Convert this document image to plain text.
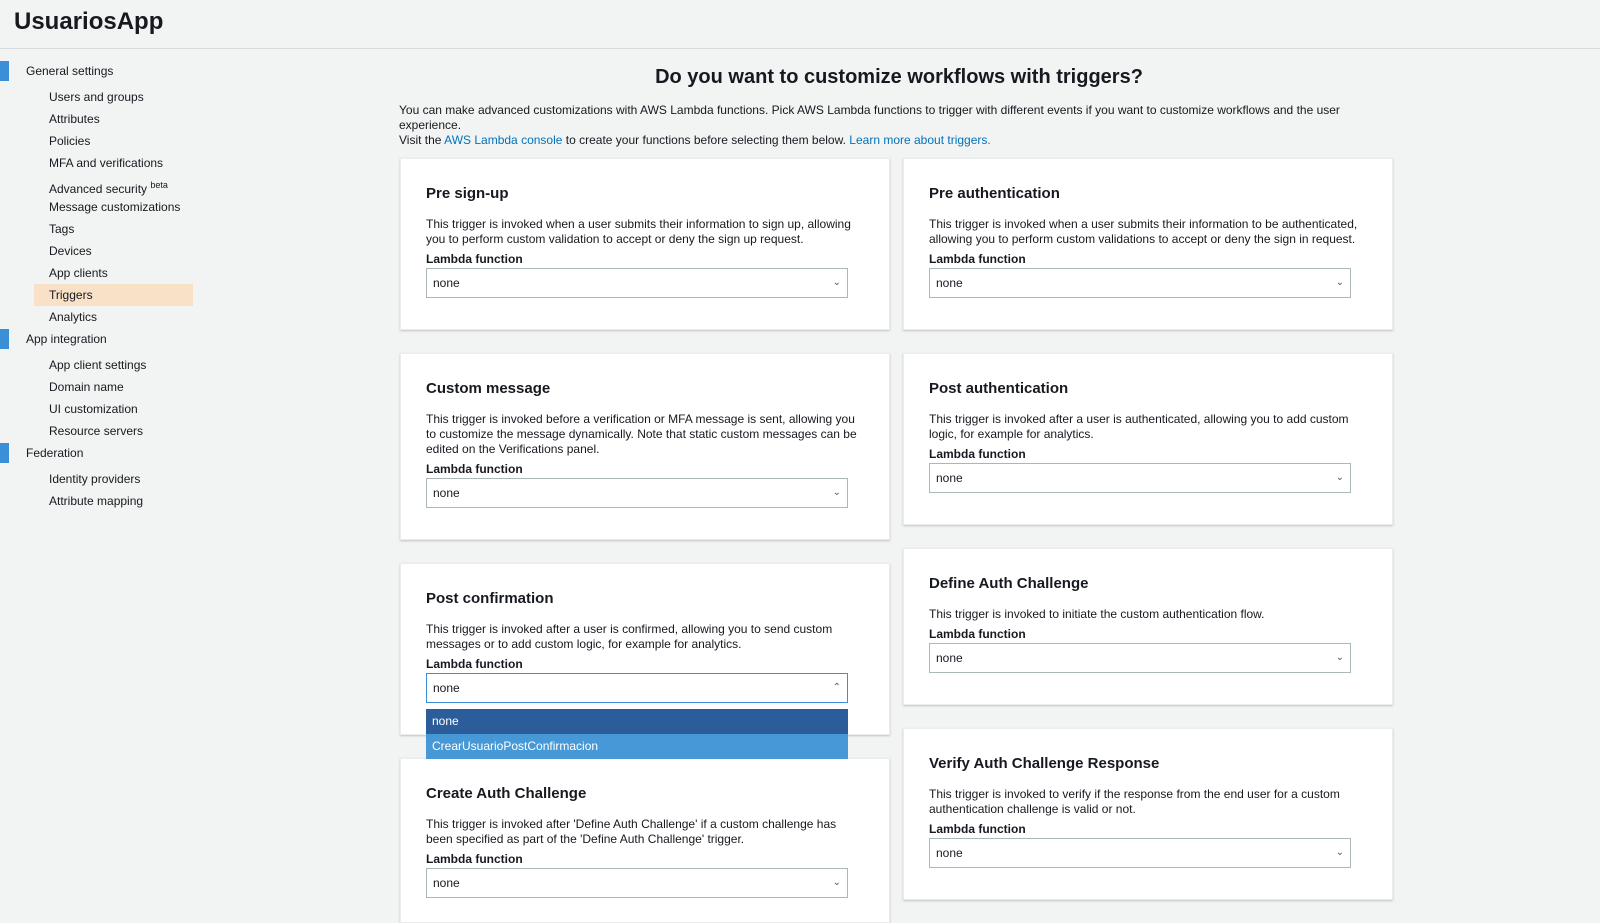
UsuariosApp
General settings
Users and groups
Attributes
Policies
MFA and verifications
Advanced security $^{beta}$
Message customizations
Tags
Devices
App clients
Triggers
Analytics
App integration
App client settings
Domain name
UI customization
Resource servers
Federation
Identity providers
Attribute mapping
Do you want to customize workflows with triggers?
You can make advanced customizations with AWS Lambda functions. Pick AWS Lambda functions to trigger with different events if you want to customize workflows and the user experience.
Visit the AWS Lambda console to create your functions before selecting them below. Learn more about triggers.
Pre sign-up
This trigger is invoked when a user submits their information to sign up, allowing you to perform custom validation to accept or deny the sign up request.
Lambda function
none	⌄
Custom message
This trigger is invoked before a verification or MFA message is sent, allowing you to customize the message dynamically. Note that static custom messages can be edited on the Verifications panel.
Lambda function
none	⌄
Post confirmation
This trigger is invoked after a user is confirmed, allowing you to send custom messages or to add custom logic, for example for analytics.
Lambda function
none	⌃
Create Auth Challenge
This trigger is invoked after 'Define Auth Challenge' if a custom challenge has been specified as part of the 'Define Auth Challenge' trigger.
Lambda function
none	⌄
Pre authentication
This trigger is invoked when a user submits their information to be authenticated, allowing you to perform custom validations to accept or deny the sign in request.
Lambda function
none	⌄
Post authentication
This trigger is invoked after a user is authenticated, allowing you to add custom logic, for example for analytics.
Lambda function
none	⌄
Define Auth Challenge
This trigger is invoked to initiate the custom authentication flow.
Lambda function
none	⌄
Verify Auth Challenge Response
This trigger is invoked to verify if the response from the end user for a custom authentication challenge is valid or not.
Lambda function
none	⌄
none
CrearUsuarioPostConfirmacion
